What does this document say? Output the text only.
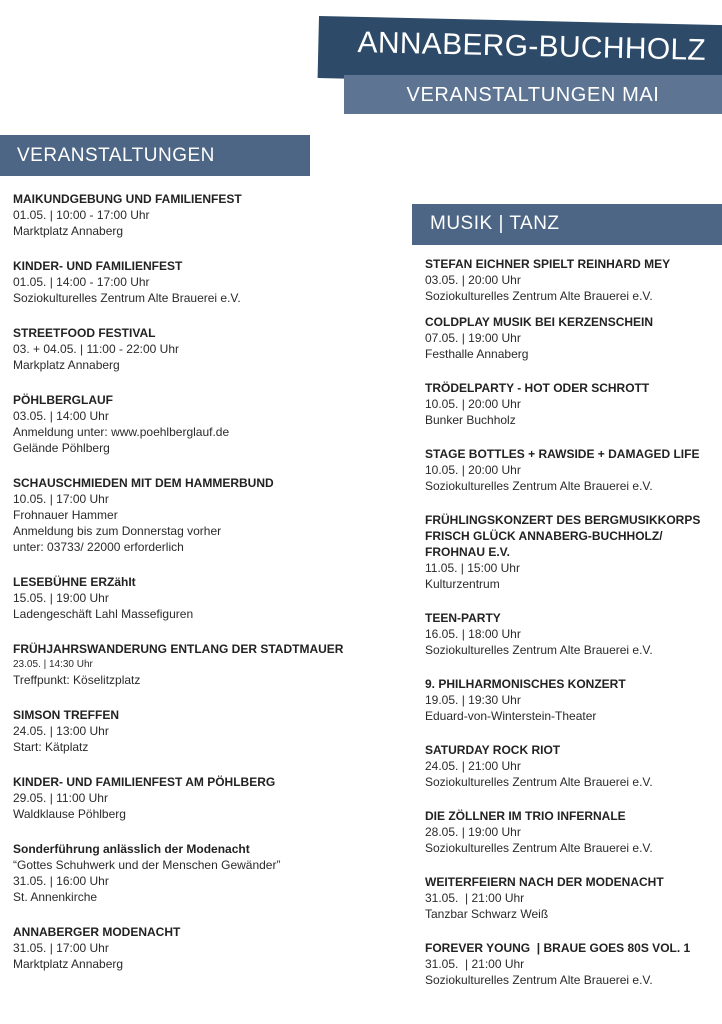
ANNABERG-BUCHHOLZ
VERANSTALTUNGEN MAI
VERANSTALTUNGEN
MUSIK | TANZ
MAIKUNDGEBUNG UND FAMILIENFEST
01.05. | 10:00 - 17:00 Uhr
Marktplatz Annaberg
KINDER- UND FAMILIENFEST
01.05. | 14:00 - 17:00 Uhr
Soziokulturelles Zentrum Alte Brauerei e.V.
STREETFOOD FESTIVAL
03. + 04.05. | 11:00 - 22:00 Uhr
Markplatz Annaberg
PÖHLBERGLAUF
03.05. | 14:00 Uhr
Anmeldung unter: www.poehlberglauf.de
Gelände Pöhlberg
SCHAUSCHMIEDEN MIT DEM HAMMERBUND
10.05. | 17:00 Uhr
Frohnauer Hammer
Anmeldung bis zum Donnerstag vorher
unter: 03733/ 22000 erforderlich
LESEBÜHNE ERZähIt
15.05. | 19:00 Uhr
Ladengeschäft Lahl Massefiguren
FRÜHJAHRSWANDERUNG ENTLANG DER STADTMAUER
23.05. | 14:30 Uhr
Treffpunkt: Köselitzplatz
SIMSON TREFFEN
24.05. | 13:00 Uhr
Start: Kätplatz
KINDER- UND FAMILIENFEST AM PÖHLBERG
29.05. | 11:00 Uhr
Waldklause Pöhlberg
Sonderführung anlässlich der Modenacht
“Gottes Schuhwerk und der Menschen Gewänder”
31.05. | 16:00 Uhr
St. Annenkirche
ANNABERGER MODENACHT
31.05. | 17:00 Uhr
Marktplatz Annaberg
STEFAN EICHNER SPIELT REINHARD MEY
03.05. | 20:00 Uhr
Soziokulturelles Zentrum Alte Brauerei e.V.
COLDPLAY MUSIK BEI KERZENSCHEIN
07.05. | 19:00 Uhr
Festhalle Annaberg
TRÖDELPARTY - HOT ODER SCHROTT
10.05. | 20:00 Uhr
Bunker Buchholz
STAGE BOTTLES + RAWSIDE + DAMAGED LIFE
10.05. | 20:00 Uhr
Soziokulturelles Zentrum Alte Brauerei e.V.
FRÜHLINGSKONZERT DES BERGMUSIKKORPS FRISCH GLÜCK ANNABERG-BUCHHOLZ/ FROHNAU E.V.
11.05. | 15:00 Uhr
Kulturzentrum
TEEN-PARTY
16.05. | 18:00 Uhr
Soziokulturelles Zentrum Alte Brauerei e.V.
9. PHILHARMONISCHES KONZERT
19.05. | 19:30 Uhr
Eduard-von-Winterstein-Theater
SATURDAY ROCK RIOT
24.05. | 21:00 Uhr
Soziokulturelles Zentrum Alte Brauerei e.V.
DIE ZÖLLNER IM TRIO INFERNALE
28.05. | 19:00 Uhr
Soziokulturelles Zentrum Alte Brauerei e.V.
WEITERFEIERN NACH DER MODENACHT
31.05.  | 21:00 Uhr
Tanzbar Schwarz Weiß
FOREVER YOUNG  | BRAUE GOES 80S VOL. 1
31.05.  | 21:00 Uhr
Soziokulturelles Zentrum Alte Brauerei e.V.
